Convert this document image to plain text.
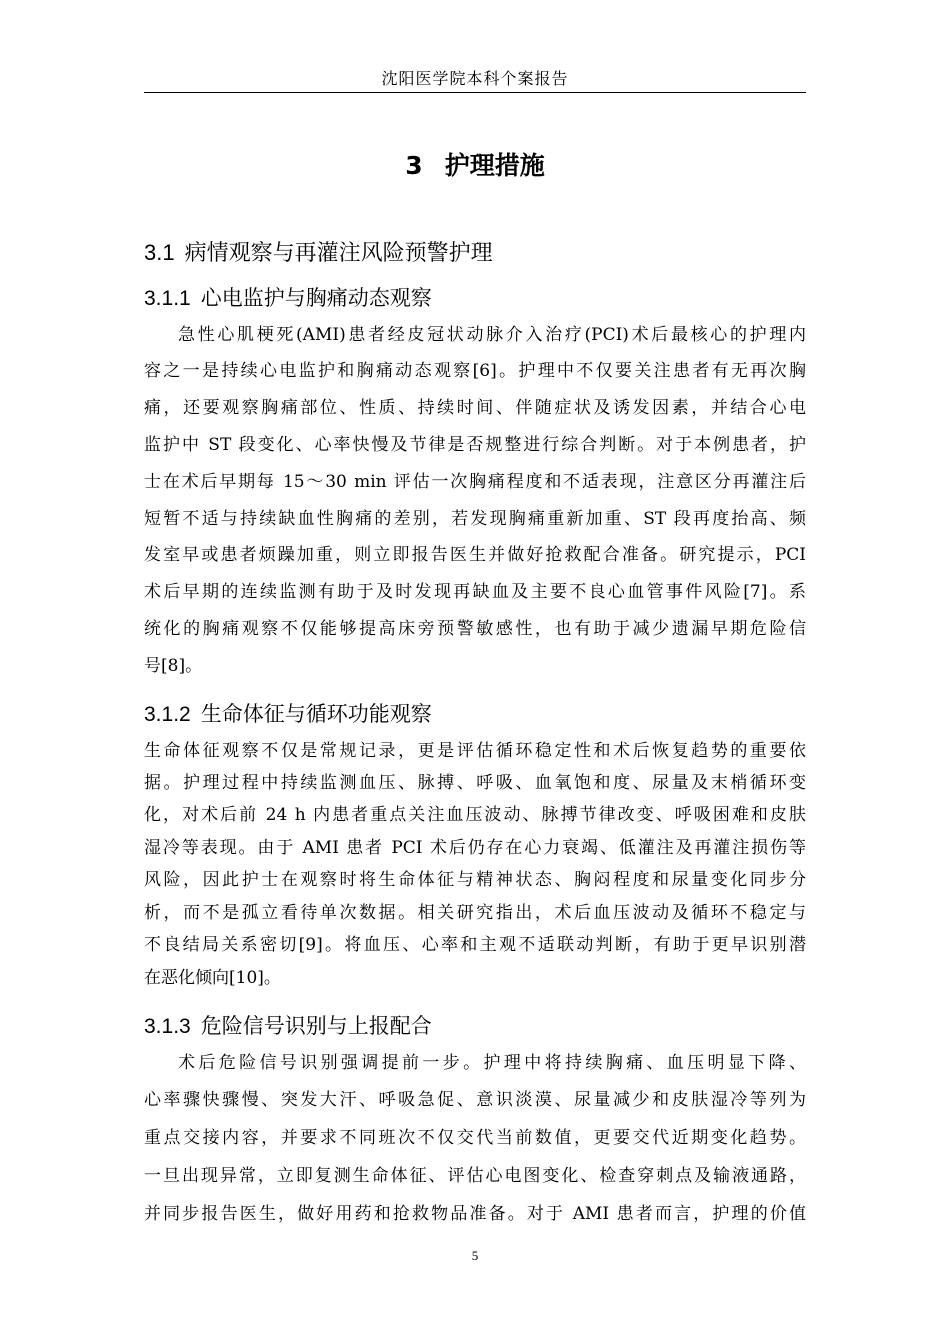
沈阳医学院本科个案报告
3 护理措施
3.1 病情观察与再灌注风险预警护理
3.1.1 心电监护与胸痛动态观察
急性心肌梗死(AMI)患者经皮冠状动脉介入治疗(PCI)术后最核心的护理内
容之一是持续心电监护和胸痛动态观察[6]。护理中不仅要关注患者有无再次胸
痛，还要观察胸痛部位、性质、持续时间、伴随症状及诱发因素，并结合心电
监护中 ST 段变化、心率快慢及节律是否规整进行综合判断。对于本例患者，护
士在术后早期每 15～30 min 评估一次胸痛程度和不适表现，注意区分再灌注后
短暂不适与持续缺血性胸痛的差别，若发现胸痛重新加重、ST 段再度抬高、频
发室早或患者烦躁加重，则立即报告医生并做好抢救配合准备。研究提示，PCI
术后早期的连续监测有助于及时发现再缺血及主要不良心血管事件风险[7]。系
统化的胸痛观察不仅能够提高床旁预警敏感性，也有助于减少遗漏早期危险信
号[8]。
3.1.2 生命体征与循环功能观察
生命体征观察不仅是常规记录，更是评估循环稳定性和术后恢复趋势的重要依
据。护理过程中持续监测血压、脉搏、呼吸、血氧饱和度、尿量及末梢循环变
化，对术后前 24 h 内患者重点关注血压波动、脉搏节律改变、呼吸困难和皮肤
湿冷等表现。由于 AMI 患者 PCI 术后仍存在心力衰竭、低灌注及再灌注损伤等
风险，因此护士在观察时将生命体征与精神状态、胸闷程度和尿量变化同步分
析，而不是孤立看待单次数据。相关研究指出，术后血压波动及循环不稳定与
不良结局关系密切[9]。将血压、心率和主观不适联动判断，有助于更早识别潜
在恶化倾向[10]。
3.1.3 危险信号识别与上报配合
术后危险信号识别强调提前一步。护理中将持续胸痛、血压明显下降、
心率骤快骤慢、突发大汗、呼吸急促、意识淡漠、尿量减少和皮肤湿冷等列为
重点交接内容，并要求不同班次不仅交代当前数值，更要交代近期变化趋势。
一旦出现异常，立即复测生命体征、评估心电图变化、检查穿刺点及输液通路，
并同步报告医生，做好用药和抢救物品准备。对于 AMI 患者而言，护理的价值
5
